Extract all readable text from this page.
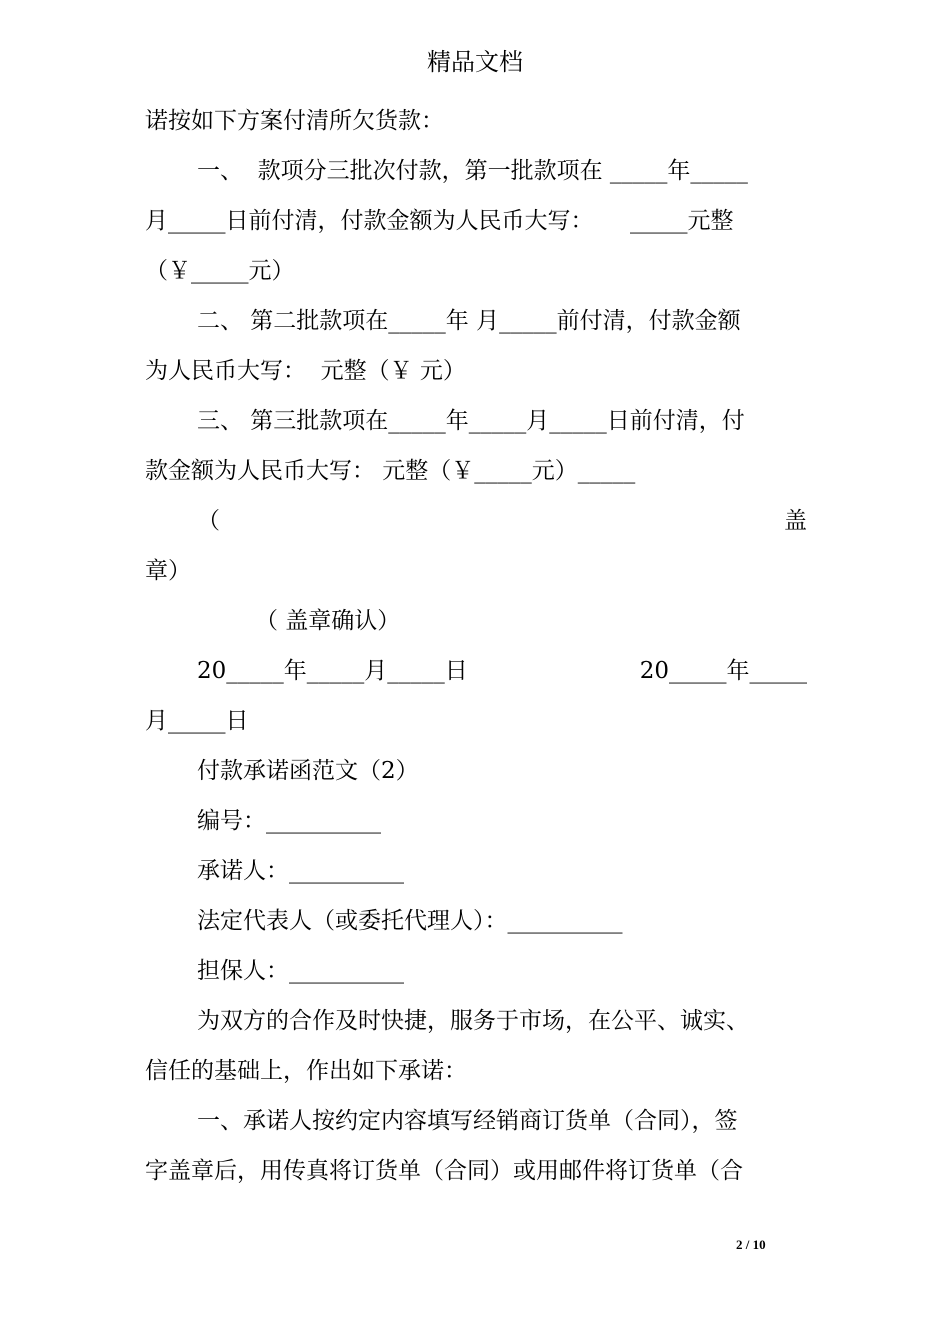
精品文档
诺按如下方案付清所欠货款：
一、  款项分三批次付款，第一批款项在 _____年_____
月_____日前付清，付款金额为人民币大写：     _____元整
（￥_____元）
二、 第二批款项在_____年 月_____前付清，付款金额
为人民币大写：  元整（￥ 元）
三、 第三批款项在_____年_____月_____日前付清，付
款金额为人民币大写： 元整（￥_____元）_____
（	盖
章）
（ 盖章确认）
20_____年_____月_____日	20_____年_____
月_____日
付款承诺函范文（2）
编号：__________
承诺人：__________
法定代表人（或委托代理人）：__________
担保人：__________
为双方的合作及时快捷，服务于市场，在公平、诚实、
信任的基础上，作出如下承诺：
一、承诺人按约定内容填写经销商订货单（合同），签
字盖章后，用传真将订货单（合同）或用邮件将订货单（合
2 / 10
